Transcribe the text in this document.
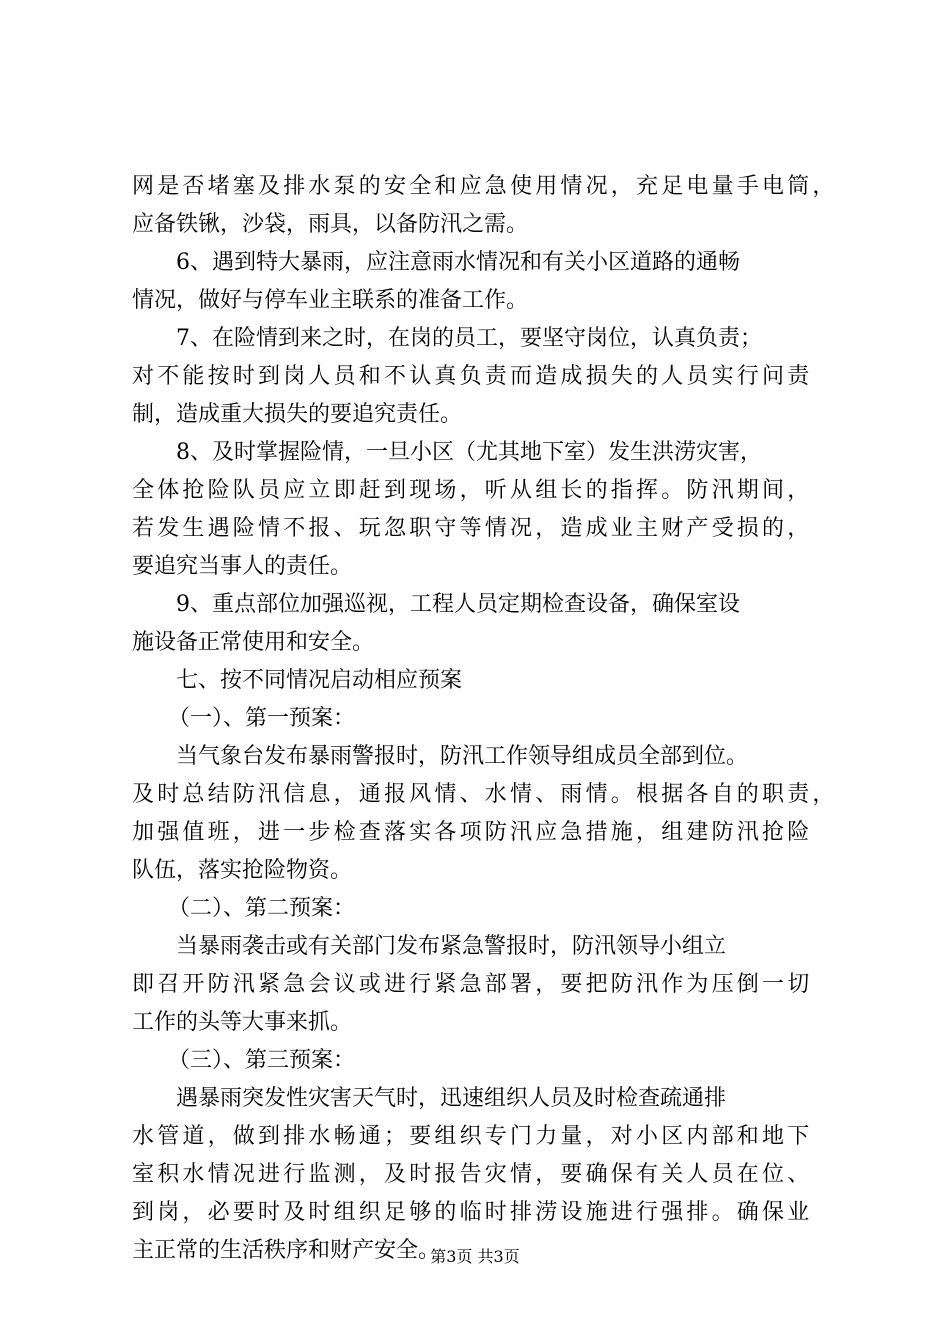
网是否堵塞及排水泵的安全和应急使用情况，充足电量手电筒，
应备铁锹，沙袋，雨具，以备防汛之需。
6、遇到特大暴雨，应注意雨水情况和有关小区道路的通畅
情况，做好与停车业主联系的准备工作。
7、在险情到来之时，在岗的员工，要坚守岗位，认真负责；
对不能按时到岗人员和不认真负责而造成损失的人员实行问责
制，造成重大损失的要追究责任。
8、及时掌握险情，一旦小区（尤其地下室）发生洪涝灾害，
全体抢险队员应立即赶到现场，听从组长的指挥。防汛期间，
若发生遇险情不报、玩忽职守等情况，造成业主财产受损的，
要追究当事人的责任。
9、重点部位加强巡视，工程人员定期检查设备，确保室设
施设备正常使用和安全。
七、按不同情况启动相应预案
（一）、第一预案：
当气象台发布暴雨警报时，防汛工作领导组成员全部到位。
及时总结防汛信息，通报风情、水情、雨情。根据各自的职责，
加强值班，进一步检查落实各项防汛应急措施，组建防汛抢险
队伍，落实抢险物资。
（二）、第二预案：
当暴雨袭击或有关部门发布紧急警报时，防汛领导小组立
即召开防汛紧急会议或进行紧急部署，要把防汛作为压倒一切
工作的头等大事来抓。
（三）、第三预案：
遇暴雨突发性灾害天气时，迅速组织人员及时检查疏通排
水管道，做到排水畅通；要组织专门力量，对小区内部和地下
室积水情况进行监测，及时报告灾情，要确保有关人员在位、
到岗，必要时及时组织足够的临时排涝设施进行强排。确保业
主正常的生活秩序和财产安全。
第3页 共3页
